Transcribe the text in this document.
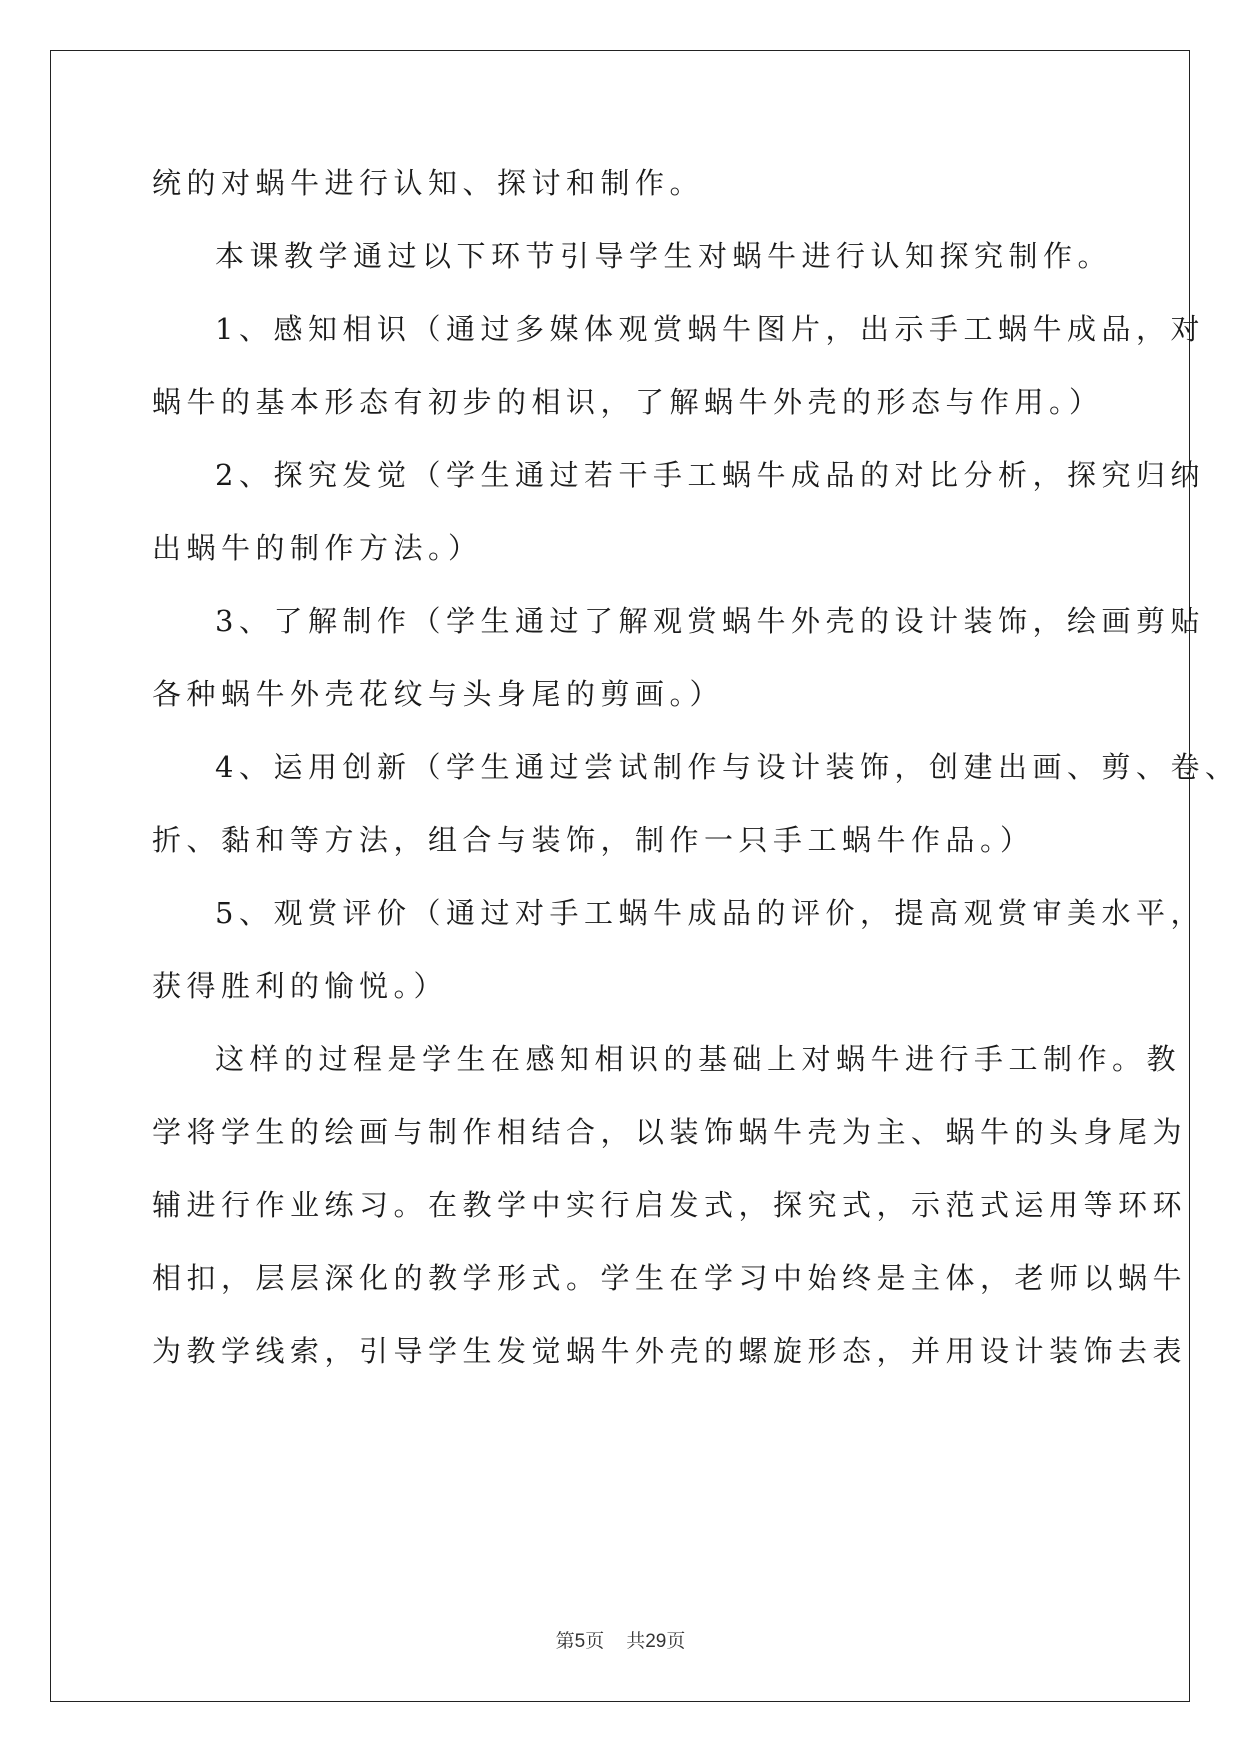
统的对蜗牛进行认知、探讨和制作。
本课教学通过以下环节引导学生对蜗牛进行认知探究制作。
1、感知相识（通过多媒体观赏蜗牛图片，出示手工蜗牛成品，对
蜗牛的基本形态有初步的相识，了解蜗牛外壳的形态与作用。）
2、探究发觉（学生通过若干手工蜗牛成品的对比分析，探究归纳
出蜗牛的制作方法。）
3、了解制作（学生通过了解观赏蜗牛外壳的设计装饰，绘画剪贴
各种蜗牛外壳花纹与头身尾的剪画。）
4、运用创新（学生通过尝试制作与设计装饰，创建出画、剪、卷、
折、黏和等方法，组合与装饰，制作一只手工蜗牛作品。）
5、观赏评价（通过对手工蜗牛成品的评价，提高观赏审美水平，
获得胜利的愉悦。）
这样的过程是学生在感知相识的基础上对蜗牛进行手工制作。教
学将学生的绘画与制作相结合，以装饰蜗牛壳为主、蜗牛的头身尾为
辅进行作业练习。在教学中实行启发式，探究式，示范式运用等环环
相扣，层层深化的教学形式。学生在学习中始终是主体，老师以蜗牛
为教学线索，引导学生发觉蜗牛外壳的螺旋形态，并用设计装饰去表
第5页 共29页
